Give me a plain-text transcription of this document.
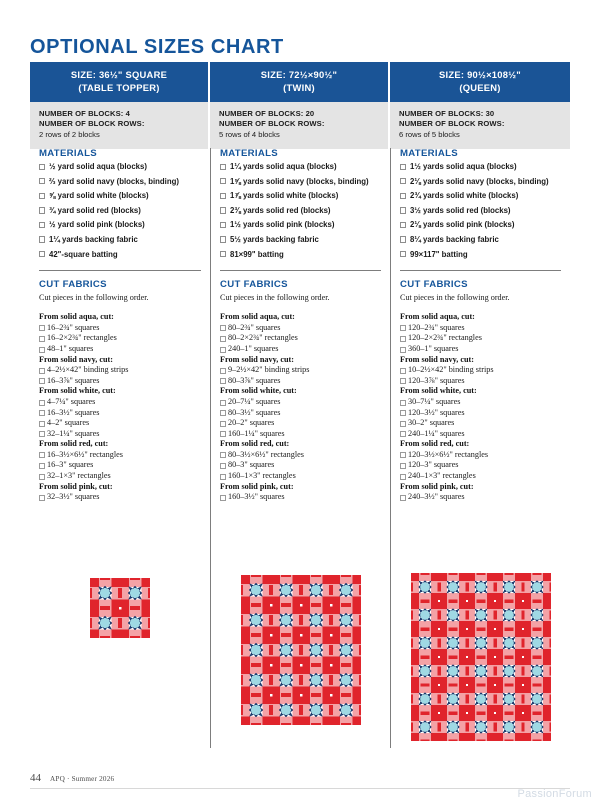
OPTIONAL SIZES CHART
SIZE: 36½" SQUARE
(TABLE TOPPER)
SIZE: 72½×90½"
(TWIN)
SIZE: 90½×108½"
(QUEEN)
NUMBER OF BLOCKS: 4
NUMBER OF BLOCK ROWS:
2 rows of 2 blocks
NUMBER OF BLOCKS: 20
NUMBER OF BLOCK ROWS:
5 rows of 4 blocks
NUMBER OF BLOCKS: 30
NUMBER OF BLOCK ROWS:
6 rows of 5 blocks
MATERIALS
½ yard solid aqua (blocks)
⅔ yard solid navy (blocks, binding)
⅝ yard solid white (blocks)
¾ yard solid red (blocks)
½ yard solid pink (blocks)
1¼ yards backing fabric
42"-square batting
CUT FABRICS
Cut pieces in the following order.
From solid aqua, cut:
16–2¾" squares
16–2×2¾" rectangles
48–1" squares
From solid navy, cut:
4–2½×42" binding strips
16–3⅞" squares
From solid white, cut:
4–7¼" squares
16–3½" squares
4–2" squares
32–1¼" squares
From solid red, cut:
16–3½×6½" rectangles
16–3" squares
32–1×3" rectangles
From solid pink, cut:
32–3½" squares
MATERIALS
1¼ yards solid aqua (blocks)
1⅝ yards solid navy (blocks, binding)
1⅞ yards solid white (blocks)
2⅜ yards solid red (blocks)
1½ yards solid pink (blocks)
5½ yards backing fabric
81×99" batting
CUT FABRICS
Cut pieces in the following order.
From solid aqua, cut:
80–2¾" squares
80–2×2¾" rectangles
240–1" squares
From solid navy, cut:
9–2½×42" binding strips
80–3⅞" squares
From solid white, cut:
20–7¼" squares
80–3½" squares
20–2" squares
160–1¼" squares
From solid red, cut:
80–3½×6½" rectangles
80–3" squares
160–1×3" rectangles
From solid pink, cut:
160–3½" squares
MATERIALS
1½ yards solid aqua (blocks)
2⅛ yards solid navy (blocks, binding)
2¾ yards solid white (blocks)
3½ yards solid red (blocks)
2⅛ yards solid pink (blocks)
8¼ yards backing fabric
99×117" batting
CUT FABRICS
Cut pieces in the following order.
From solid aqua, cut:
120–2¾" squares
120–2×2¾" rectangles
360–1" squares
From solid navy, cut:
10–2½×42" binding strips
120–3⅞" squares
From solid white, cut:
30–7¼" squares
120–3½" squares
30–2" squares
240–1¼" squares
From solid red, cut:
120–3½×6½" rectangles
120–3" squares
240–1×3" rectangles
From solid pink, cut:
240–3½" squares
44 APQ · Summer 2026
PassionForum
